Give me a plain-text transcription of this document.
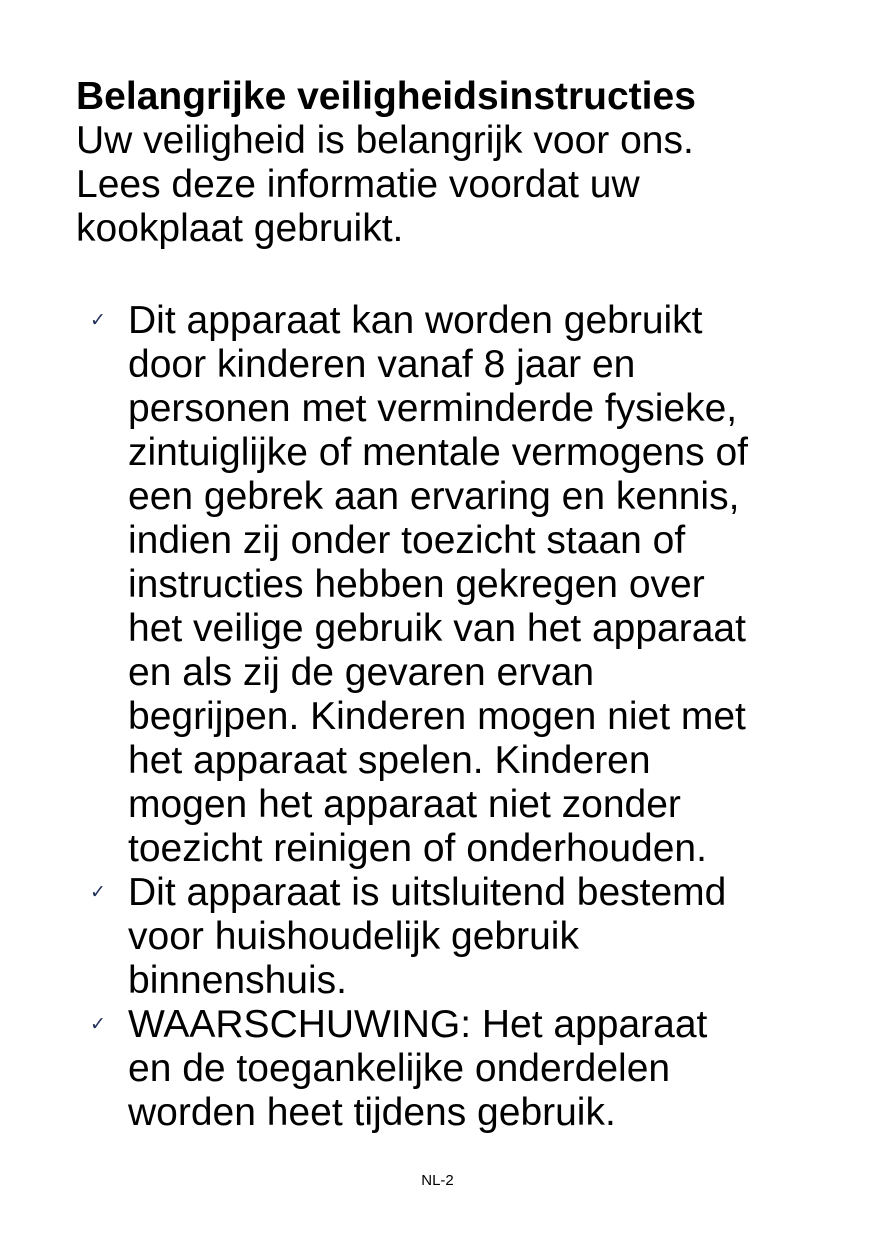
Belangrijke veiligheidsinstructies

Uw veiligheid is belangrijk voor ons.

Lees deze informatie voordat uw

kookplaat gebruikt.

✓ Dit apparaat kan worden gebruikt
door kinderen vanaf 8 jaar en
personen met verminderde fysieke,
zintuiglijke of mentale vermogens of
een gebrek aan ervaring en kennis,
indien zij onder toezicht staan of
instructies hebben gekregen over
het veilige gebruik van het apparaat
en als zij de gevaren ervan
begrijpen. Kinderen mogen niet met
het apparaat spelen. Kinderen
mogen het apparaat niet zonder
toezicht reinigen of onderhouden.
✓ Dit apparaat is uitsluitend bestemd
voor huishoudelijk gebruik
binnenshuis.
✓ WAARSCHUWING: Het apparaat
en de toegankelijke onderdelen
worden heet tijdens gebruik.
NL-2
